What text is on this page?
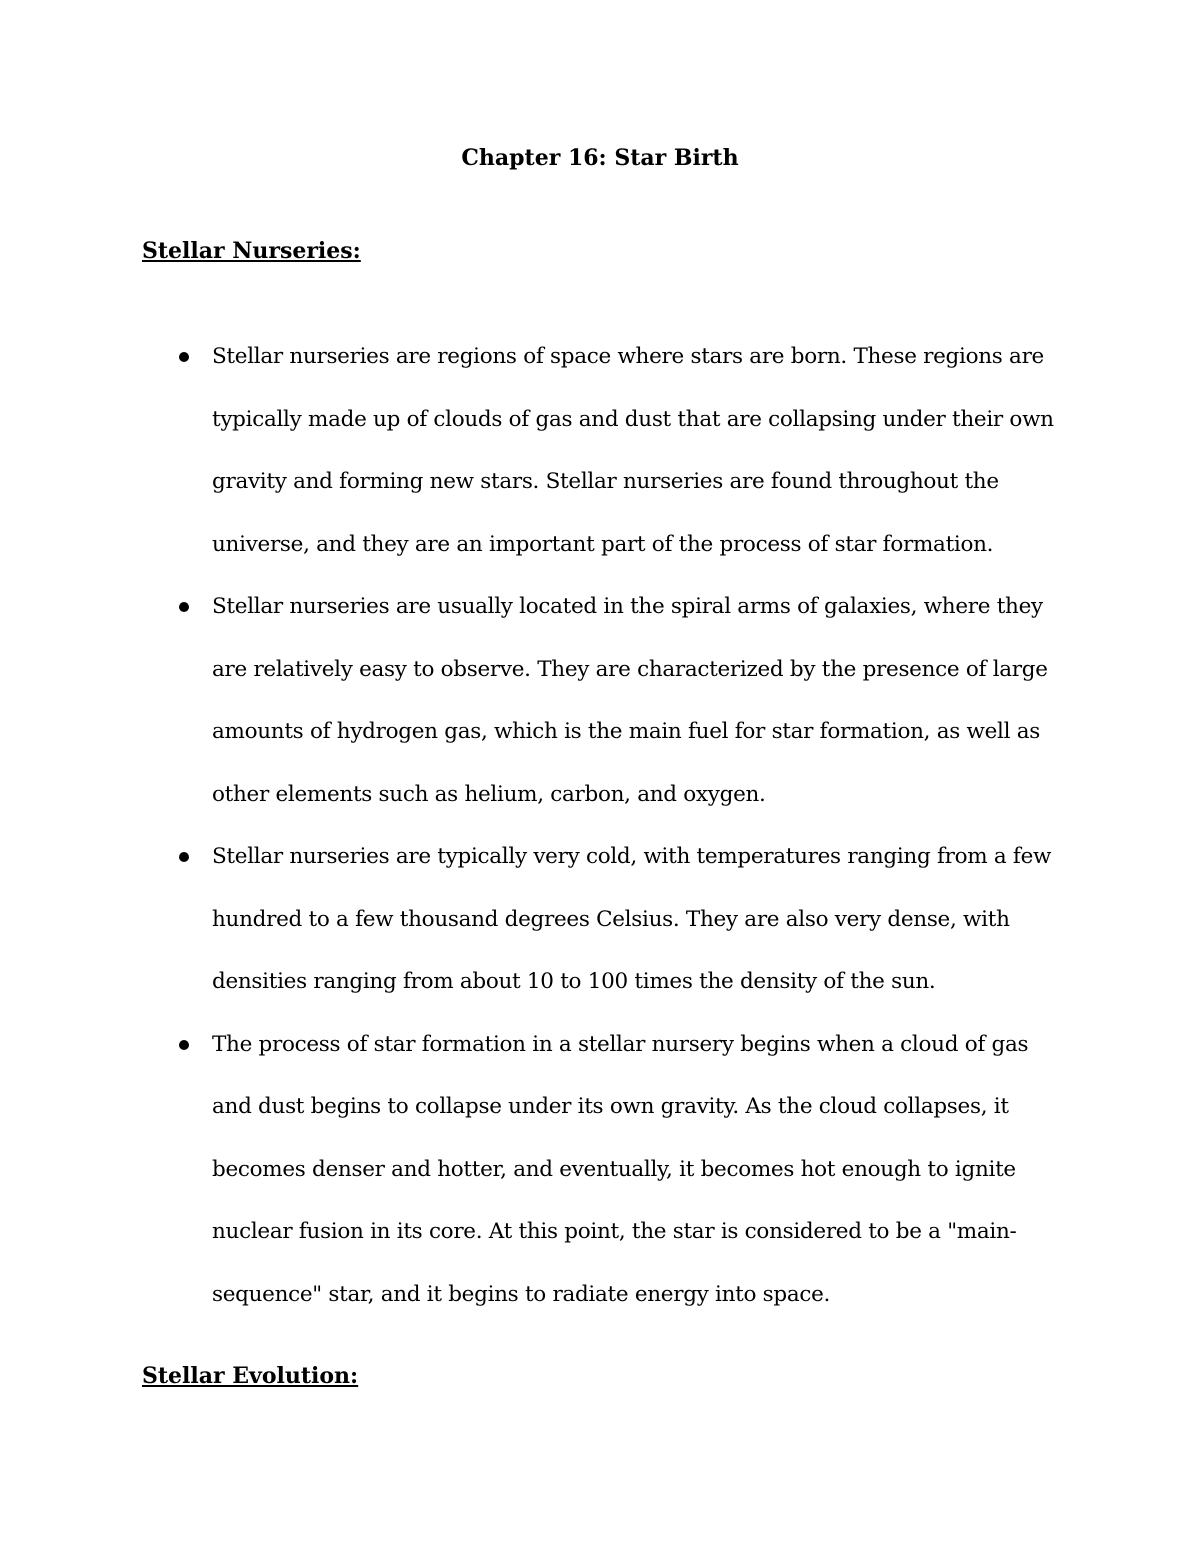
Chapter 16: Star Birth
Stellar Nurseries:
Stellar nurseries are regions of space where stars are born. These regions are typically made up of clouds of gas and dust that are collapsing under their own gravity and forming new stars. Stellar nurseries are found throughout the universe, and they are an important part of the process of star formation.
Stellar nurseries are usually located in the spiral arms of galaxies, where they are relatively easy to observe. They are characterized by the presence of large amounts of hydrogen gas, which is the main fuel for star formation, as well as other elements such as helium, carbon, and oxygen.
Stellar nurseries are typically very cold, with temperatures ranging from a few hundred to a few thousand degrees Celsius. They are also very dense, with densities ranging from about 10 to 100 times the density of the sun.
The process of star formation in a stellar nursery begins when a cloud of gas and dust begins to collapse under its own gravity. As the cloud collapses, it becomes denser and hotter, and eventually, it becomes hot enough to ignite nuclear fusion in its core. At this point, the star is considered to be a "main-sequence" star, and it begins to radiate energy into space.
Stellar Evolution:
